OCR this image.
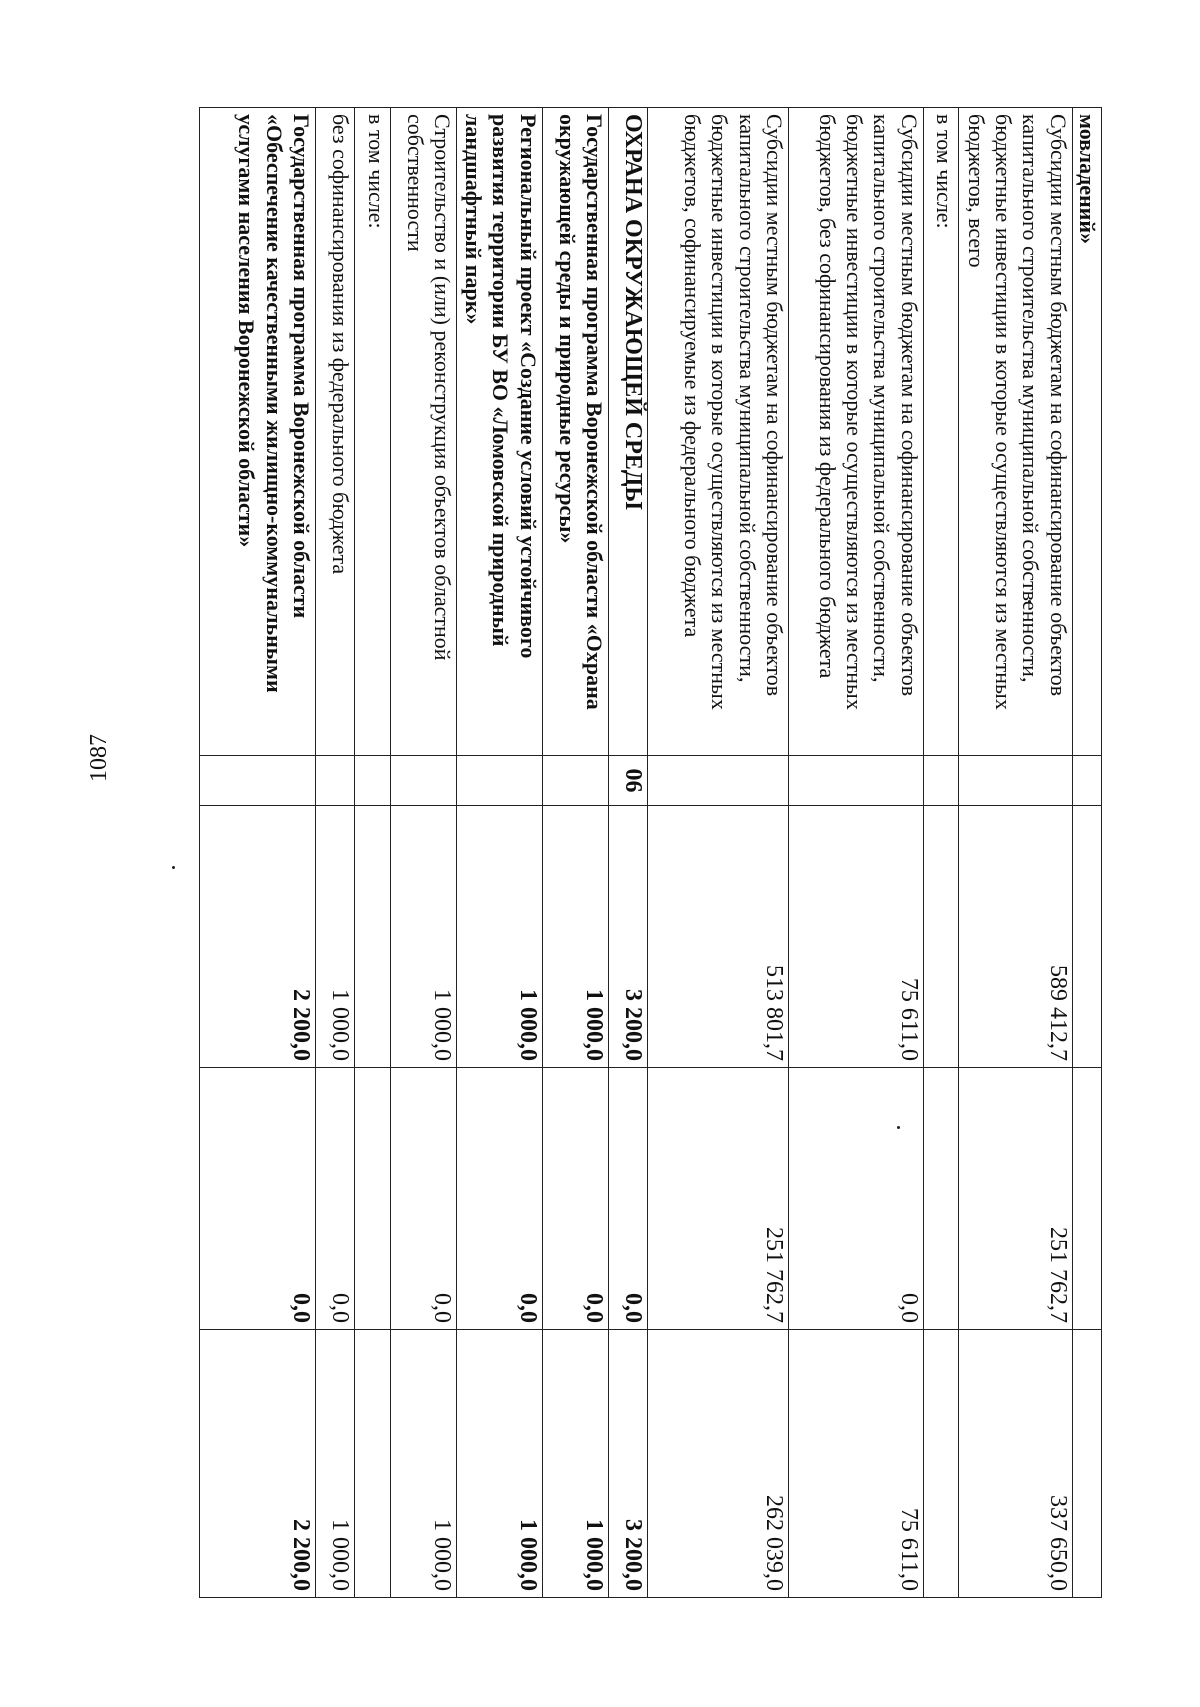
1087
мовладений»				
Субсидии местным бюджетам на софинансирование объектов капитального строительства муниципальной собственности, бюджетные инвестиции в которые осуществляются из местных бюджетов, всего		589 412,7	251 762,7	337 650,0
в том числе:				
Субсидии местным бюджетам на софинансирование объектов капитального строительства муниципальной собственности, бюджетные инвестиции в которые осуществляются из местных бюджетов, без софинансирования из федерального бюджета		75 611,0	0,0	75 611,0
Субсидии местным бюджетам на софинансирование объектов капитального строительства муниципальной собственности, бюджетные инвестиции в которые осуществляются из местных бюджетов, софинансируемые из федерального бюджета		513 801,7	251 762,7	262 039,0
ОХРАНА ОКРУЖАЮЩЕЙ СРЕДЫ	06	3 200,0	0,0	3 200,0
Государственная программа Воронежской области «Охрана окружающей среды и природные ресурсы»		1 000,0	0,0	1 000,0
Региональный проект «Создание условий устойчивого развития территории БУ ВО «Ломовской природный ландшафтный парк»		1 000,0	0,0	1 000,0
Строительство и (или) реконструкция объектов областной собственности		1 000,0	0,0	1 000,0
в том числе:				
без софинансирования из федерального бюджета		1 000,0	0,0	1 000,0
Государственная программа Воронежской области «Обеспечение качественными жилищно-коммунальными услугами населения Воронежской области»		2 200,0	0,0	2 200,0
